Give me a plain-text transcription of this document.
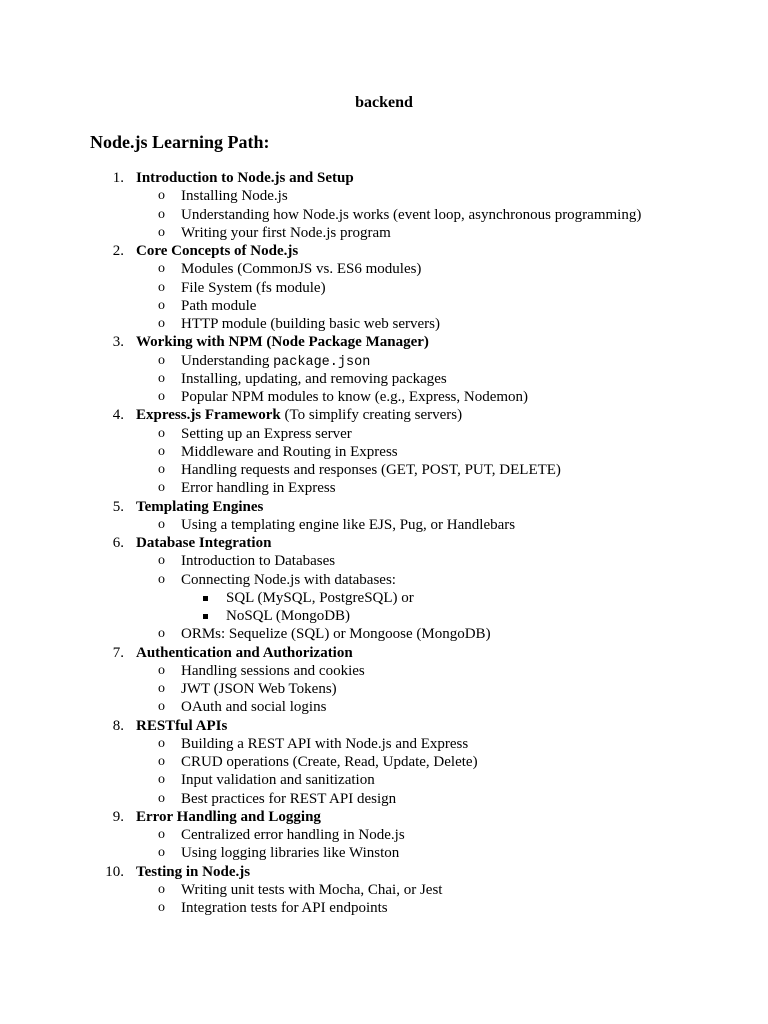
backend
Node.js Learning Path:
1. Introduction to Node.js and Setup
o Installing Node.js
o Understanding how Node.js works (event loop, asynchronous programming)
o Writing your first Node.js program
2. Core Concepts of Node.js
o Modules (CommonJS vs. ES6 modules)
o File System (fs module)
o Path module
o HTTP module (building basic web servers)
3. Working with NPM (Node Package Manager)
o Understanding package.json
o Installing, updating, and removing packages
o Popular NPM modules to know (e.g., Express, Nodemon)
4. Express.js Framework (To simplify creating servers)
o Setting up an Express server
o Middleware and Routing in Express
o Handling requests and responses (GET, POST, PUT, DELETE)
o Error handling in Express
5. Templating Engines
o Using a templating engine like EJS, Pug, or Handlebars
6. Database Integration
o Introduction to Databases
o Connecting Node.js with databases:
SQL (MySQL, PostgreSQL) or
NoSQL (MongoDB)
o ORMs: Sequelize (SQL) or Mongoose (MongoDB)
7. Authentication and Authorization
o Handling sessions and cookies
o JWT (JSON Web Tokens)
o OAuth and social logins
8. RESTful APIs
o Building a REST API with Node.js and Express
o CRUD operations (Create, Read, Update, Delete)
o Input validation and sanitization
o Best practices for REST API design
9. Error Handling and Logging
o Centralized error handling in Node.js
o Using logging libraries like Winston
10. Testing in Node.js
o Writing unit tests with Mocha, Chai, or Jest
o Integration tests for API endpoints
